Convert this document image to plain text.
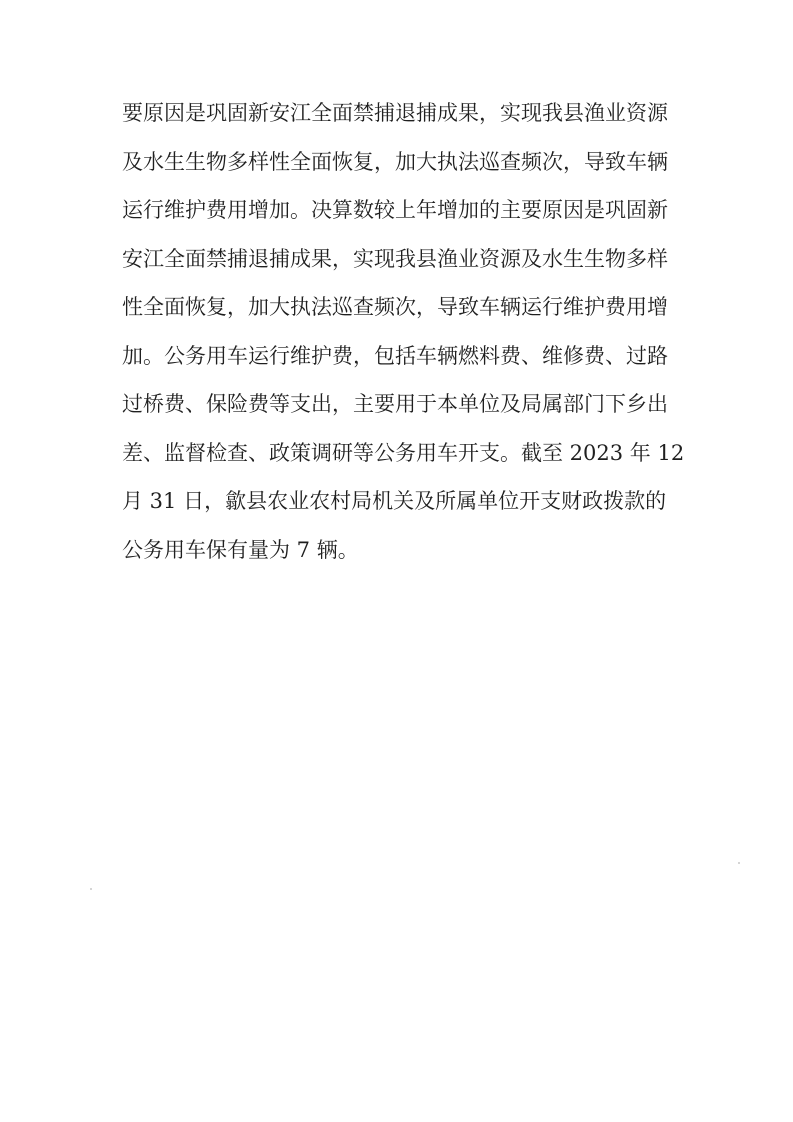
要原因是巩固新安江全面禁捕退捕成果，实现我县渔业资源
及水生生物多样性全面恢复，加大执法巡查频次，导致车辆
运行维护费用增加。决算数较上年增加的主要原因是巩固新
安江全面禁捕退捕成果，实现我县渔业资源及水生生物多样
性全面恢复，加大执法巡查频次，导致车辆运行维护费用增
加。公务用车运行维护费，包括车辆燃料费、维修费、过路
过桥费、保险费等支出，主要用于本单位及局属部门下乡出
差、监督检查、政策调研等公务用车开支。截至 2023 年 12
月 31 日，歙县农业农村局机关及所属单位开支财政拨款的
公务用车保有量为 7 辆。
